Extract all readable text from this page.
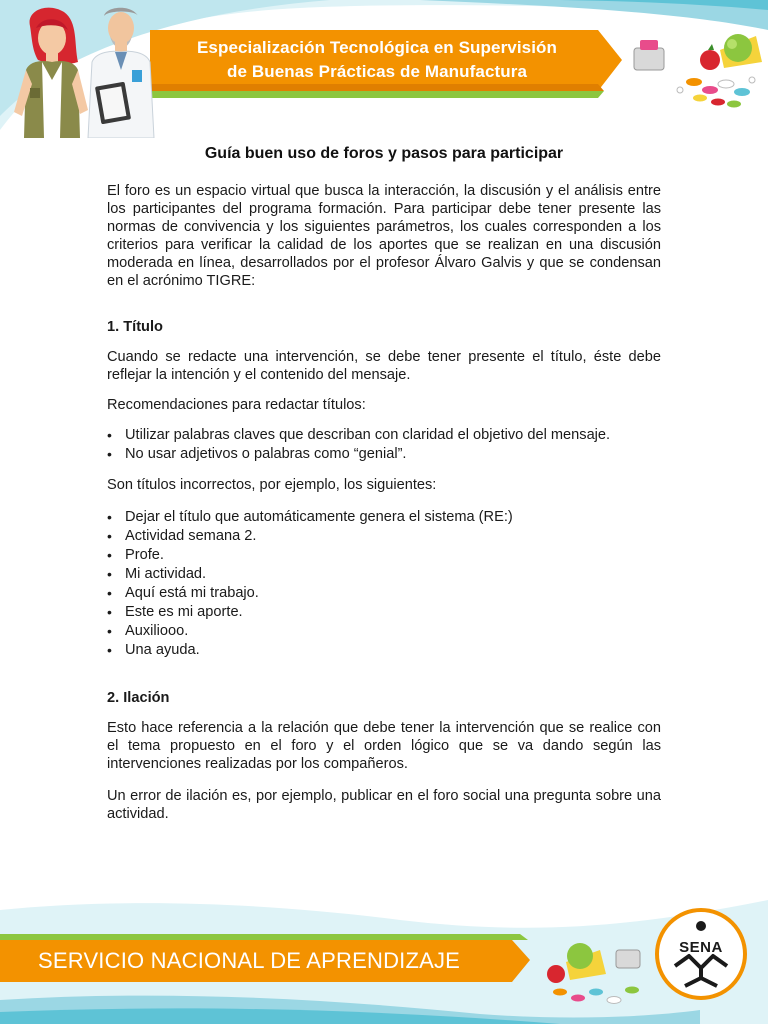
Especialización Tecnológica en Supervisión
de Buenas Prácticas de Manufactura
Guía buen uso de foros y pasos para participar

El foro es un espacio virtual que busca la interacción, la discusión y el análisis entre los participantes del programa formación. Para participar debe tener presente las normas de convivencia y los siguientes parámetros, los cuales corresponden a los criterios para verificar la calidad de los aportes que se realizan en una discusión moderada en línea, desarrollados por el profesor Álvaro Galvis y que se condensan en el acrónimo TIGRE:

1. Título

Cuando se redacte una intervención, se debe tener presente el título, éste debe reflejar la intención y el contenido del mensaje.

Recomendaciones para redactar títulos:

• Utilizar palabras claves que describan con claridad el objetivo del mensaje.
• No usar adjetivos o palabras como “genial”.

Son títulos incorrectos, por ejemplo, los siguientes:

• Dejar el título que automáticamente genera el sistema (RE:)
• Actividad semana 2.
• Profe.
• Mi actividad.
• Aquí está mi trabajo.
• Este es mi aporte.
• Auxiliooo.
• Una ayuda.
2. Ilación

Esto hace referencia a la relación que debe tener la intervención que se realice con el tema propuesto en el foro y el orden lógico que se va dando según las intervenciones realizadas por los compañeros.

Un error de ilación es, por ejemplo, publicar en el foro social una pregunta sobre una actividad.

SERVICIO NACIONAL DE APRENDIZAJE
SENA
